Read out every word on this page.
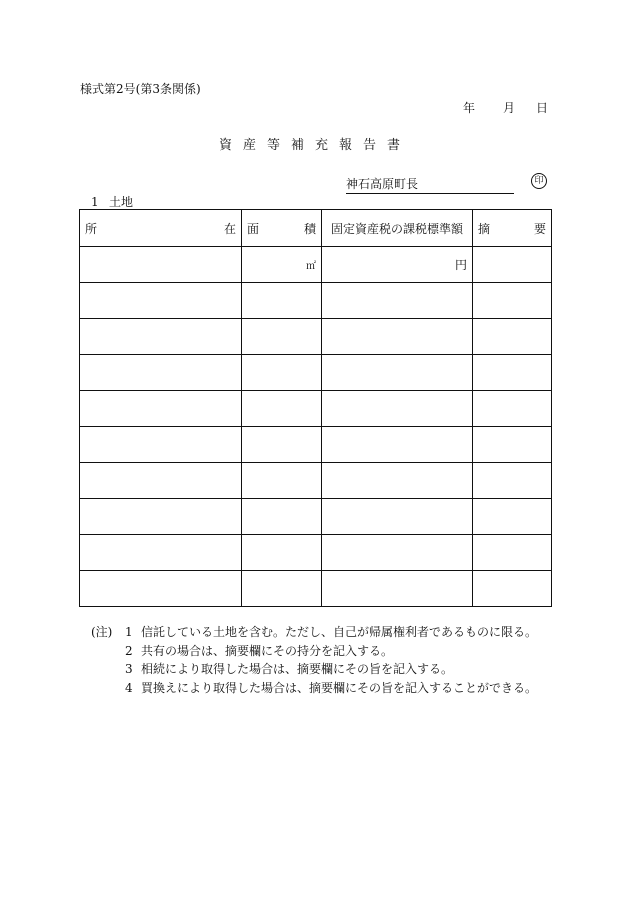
様式第2号(第3条関係)
年 月 日
資産等補充報告書
神石高原町長	印
1 土地
所 在	面 積	固定資産税の課税標準額	摘 要

	㎡	円	

(注)	1 信託している土地を含む。ただし、自己が帰属権利者であるものに限る。
2 共有の場合は、摘要欄にその持分を記入する。
3 相続により取得した場合は、摘要欄にその旨を記入する。
4 買換えにより取得した場合は、摘要欄にその旨を記入することができる。
